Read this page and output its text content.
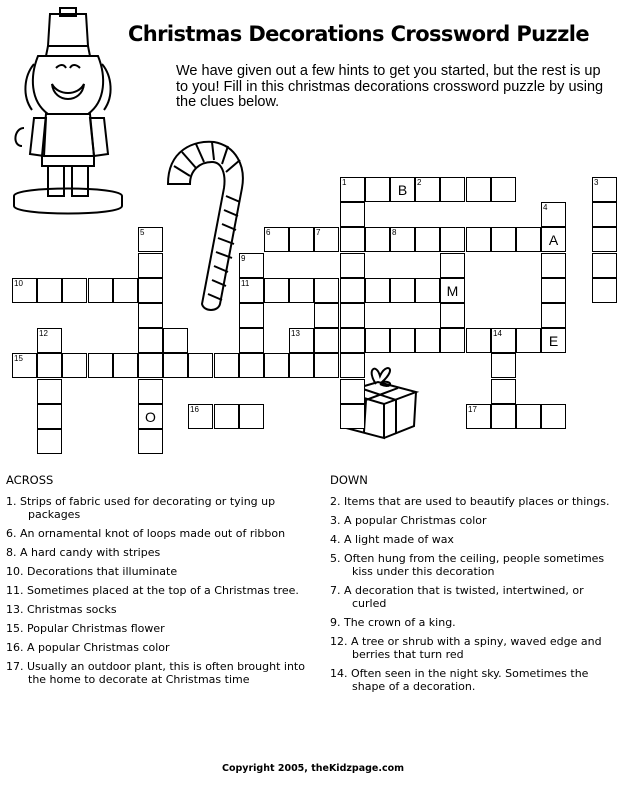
Christmas Decorations Crossword Puzzle
We have given out a few hints to get you started, but the rest is up to you! Fill in this christmas decorations crossword puzzle by using the clues below.
1	B	2
6	7	8	A
10	11
13	14	E
15
16	17
5
O
9
M
4
3
12
ACROSS
1. Strips of fabric used for decorating or tying up packages
6. An ornamental knot of loops made out of ribbon
8. A hard candy with stripes
10. Decorations that illuminate
11. Sometimes placed at the top of a Christmas tree.
13. Christmas socks
15. Popular Christmas flower
16. A popular Christmas color
17. Usually an outdoor plant, this is often brought into the home to decorate at Christmas time
DOWN
2. Items that are used to beautify places or things.
3. A popular Christmas color
4. A light made of wax
5. Often hung from the ceiling, people sometimes kiss under this decoration
7. A decoration that is twisted, intertwined, or curled
9. The crown of a king.
12. A tree or shrub with a spiny, waved edge and berries that turn red
14. Often seen in the night sky. Sometimes the shape of a decoration.
Copyright 2005, theKidzpage.com
